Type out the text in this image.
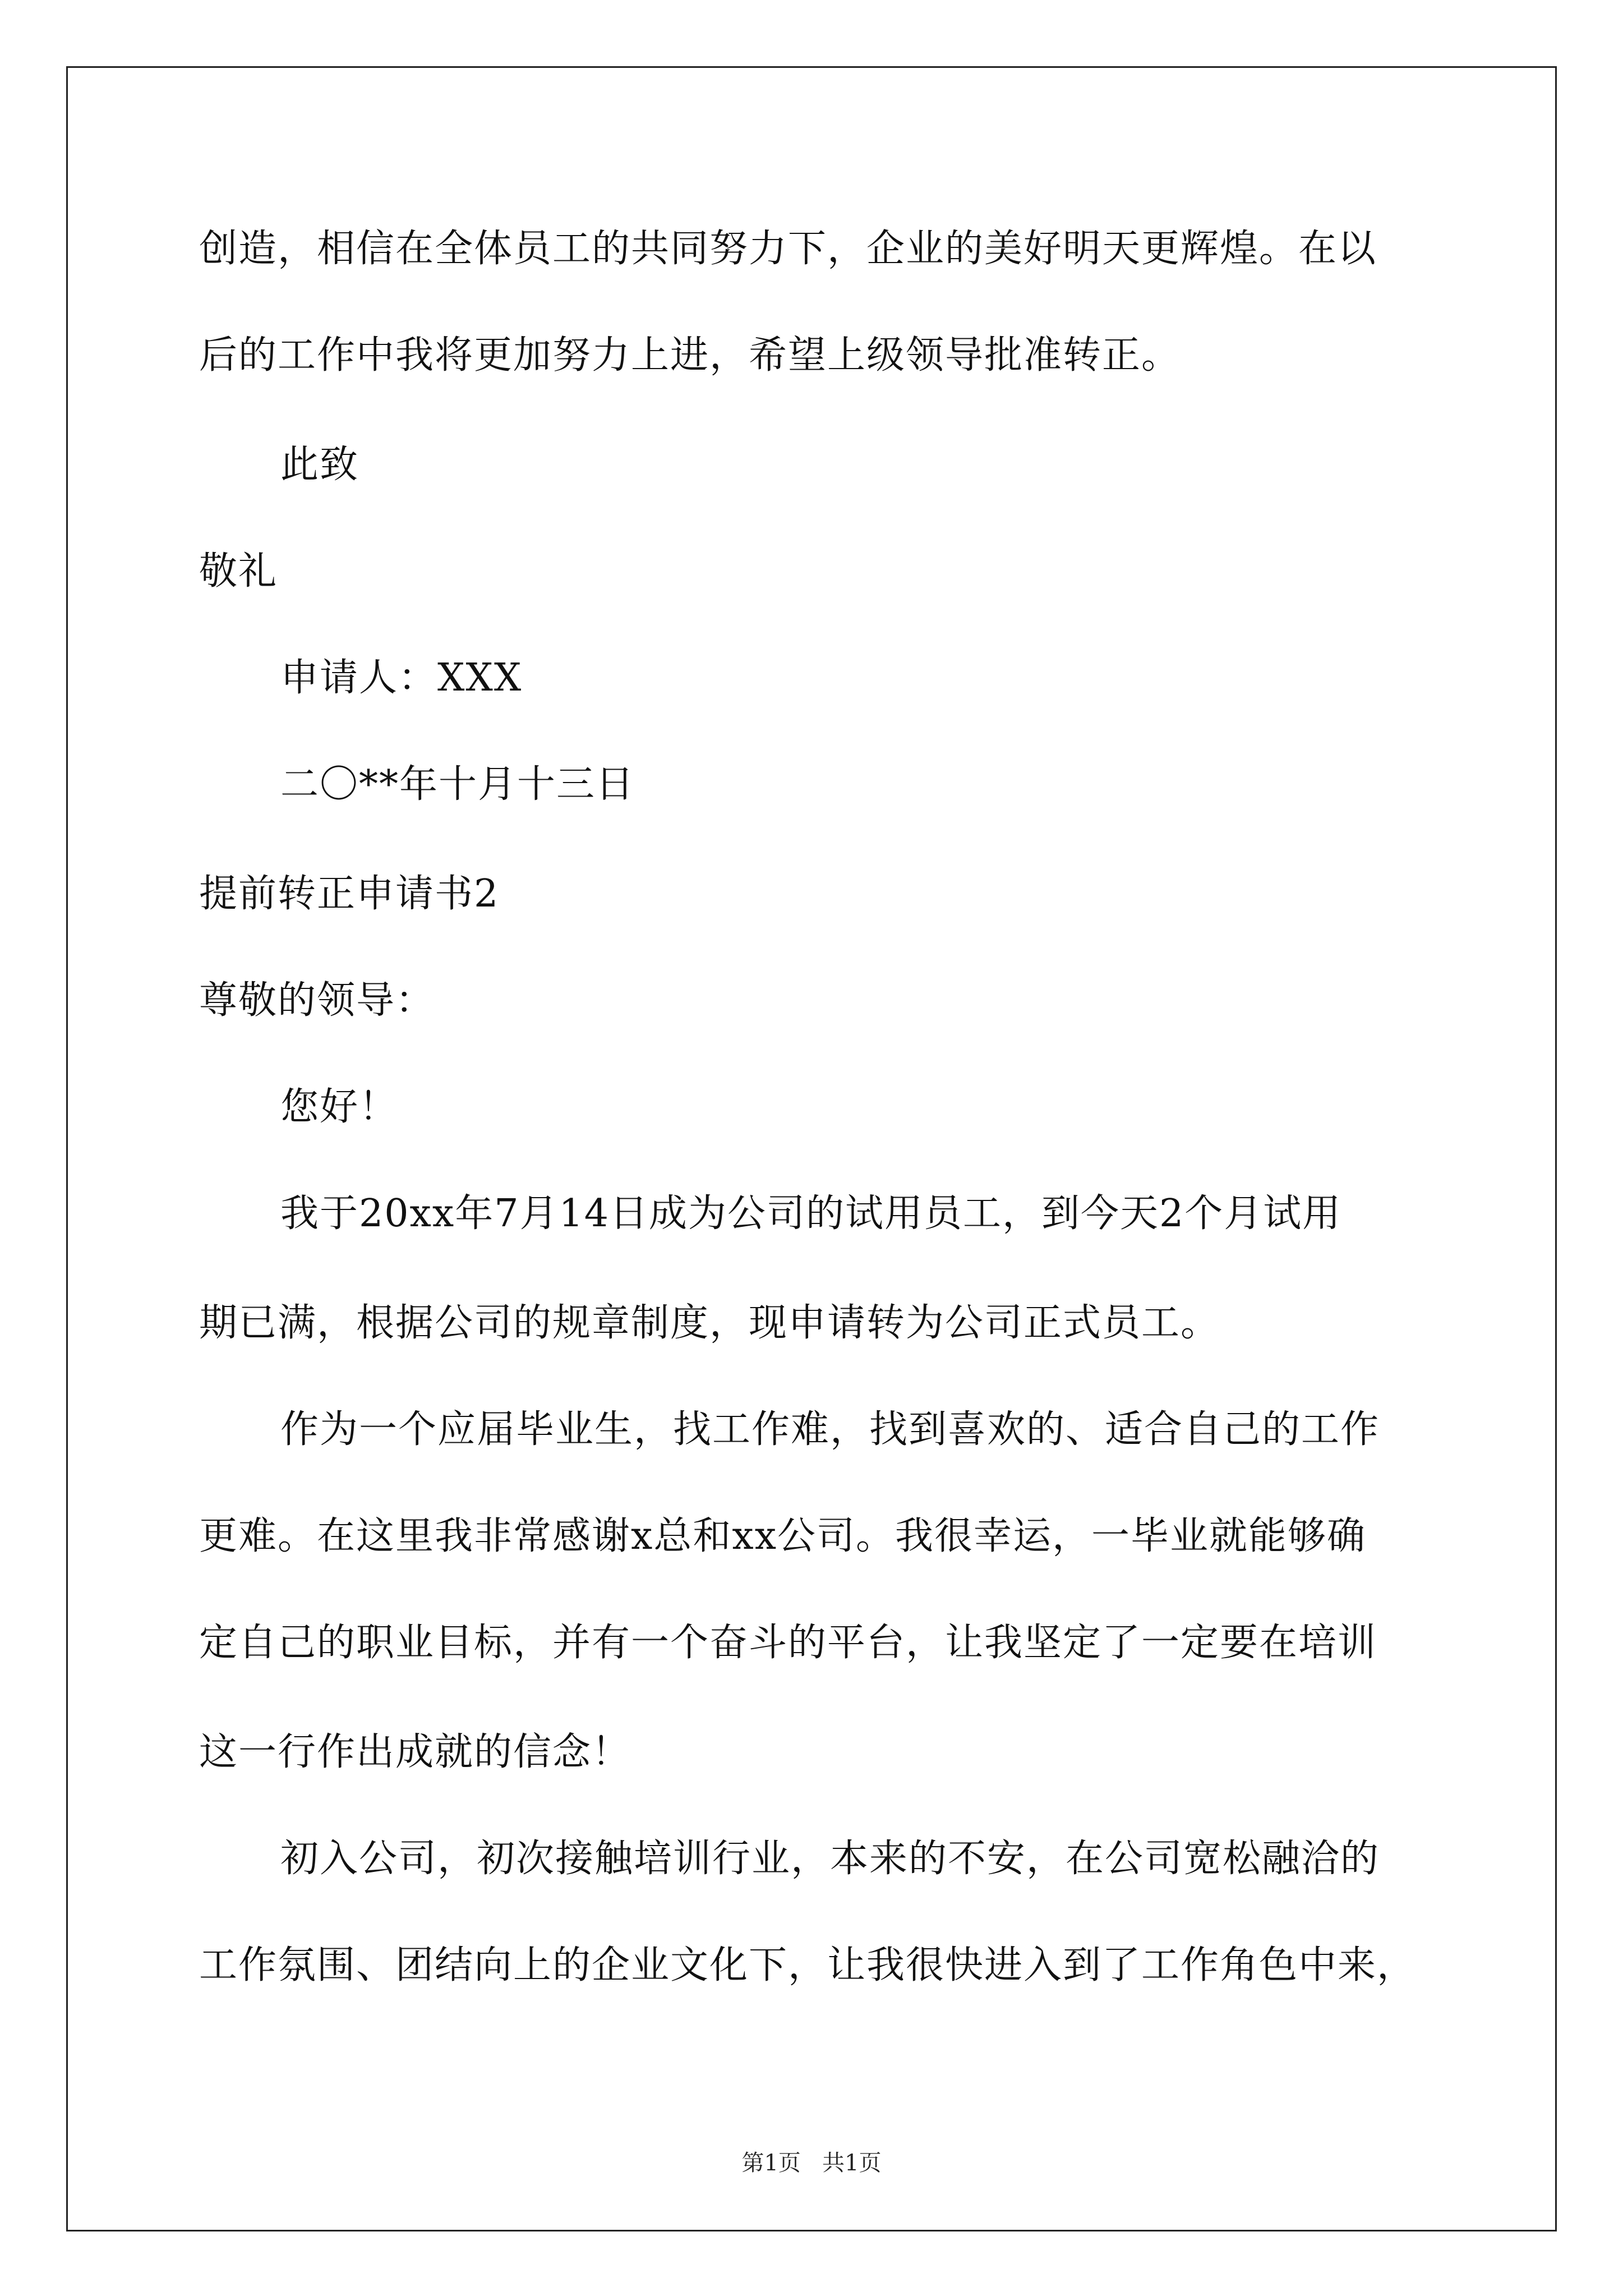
创造，相信在全体员工的共同努力下，企业的美好明天更辉煌。在以
后的工作中我将更加努力上进，希望上级领导批准转正。
此致
敬礼
申请人：XXX
二〇**年十月十三日
提前转正申请书2
尊敬的领导：
您好！
我于20xx年7月14日成为公司的试用员工，到今天2个月试用
期已满，根据公司的规章制度，现申请转为公司正式员工。
作为一个应届毕业生，找工作难，找到喜欢的、适合自己的工作
更难。在这里我非常感谢x总和xx公司。我很幸运，一毕业就能够确
定自己的职业目标，并有一个奋斗的平台，让我坚定了一定要在培训
这一行作出成就的信念！
初入公司，初次接触培训行业，本来的不安，在公司宽松融洽的
工作氛围、团结向上的企业文化下，让我很快进入到了工作角色中来，
第1页   共1页
